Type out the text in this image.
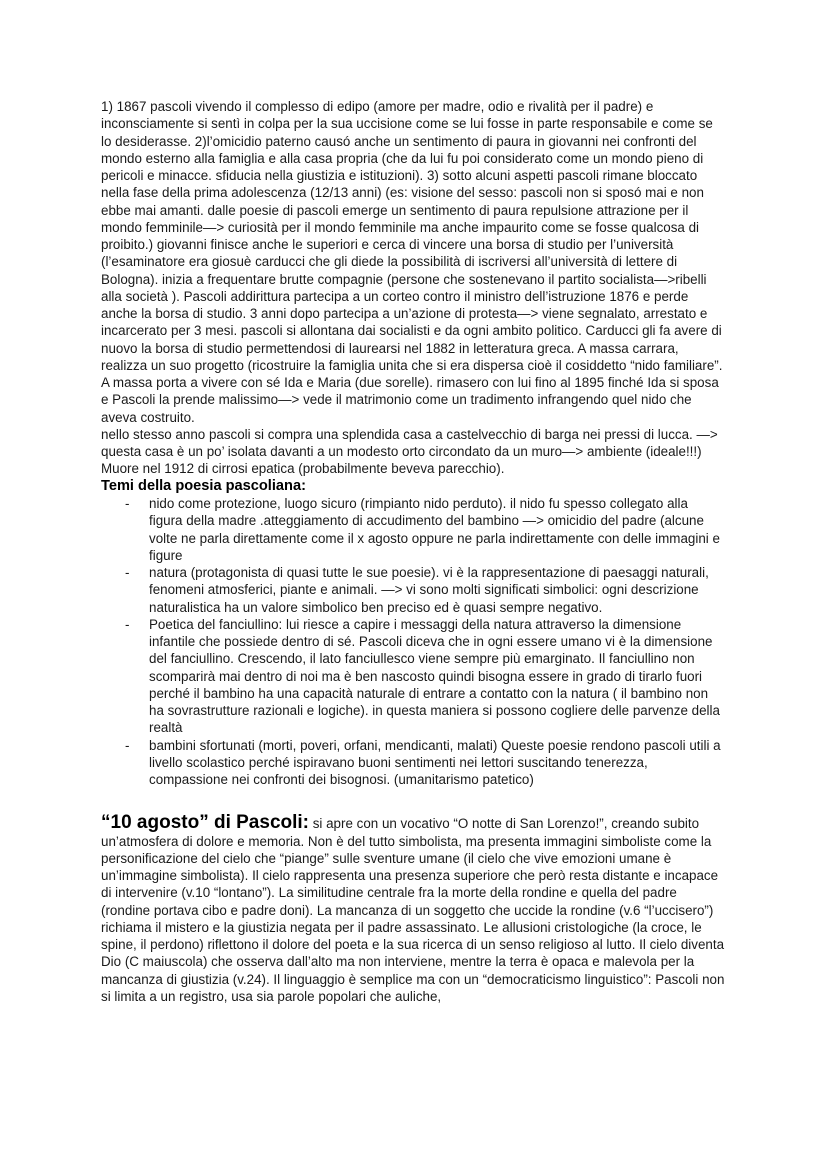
1) 1867 pascoli vivendo il complesso di edipo (amore per madre, odio e rivalità per il padre) e inconsciamente si sentì in colpa per la sua uccisione come se lui fosse in parte responsabile e come se lo desiderasse. 2)l’omicidio paterno causó anche un sentimento di paura in giovanni nei confronti del mondo esterno alla famiglia e alla casa propria (che da lui fu poi considerato come un mondo pieno di pericoli e minacce. sfiducia nella giustizia e istituzioni). 3) sotto alcuni aspetti pascoli rimane bloccato nella fase della prima adolescenza (12/13 anni) (es: visione del sesso: pascoli non si sposó mai e non ebbe mai amanti. dalle poesie di pascoli emerge un sentimento di paura repulsione attrazione per il mondo femminile—> curiosità per il mondo femminile ma anche impaurito come se fosse qualcosa di proibito.) giovanni finisce anche le superiori e cerca di vincere una borsa di studio per l’università (l’esaminatore era giosuè carducci che gli diede la possibilità di iscriversi all’università di lettere di Bologna). inizia a frequentare brutte compagnie (persone che sostenevano il partito socialista—>ribelli alla società ). Pascoli addirittura partecipa a un corteo contro il ministro dell’istruzione 1876 e perde anche la borsa di studio. 3 anni dopo partecipa a un’azione di protesta—> viene segnalato, arrestato e incarcerato per 3 mesi. pascoli si allontana dai socialisti e da ogni ambito politico. Carducci gli fa avere di nuovo la borsa di studio permettendosi di laurearsi nel 1882 in letteratura greca. A massa carrara, realizza un suo progetto (ricostruire la famiglia unita che si era dispersa cioè il cosiddetto “nido familiare”. A massa porta a vivere con sé Ida e Maria (due sorelle). rimasero con lui fino al 1895 finché Ida si sposa e Pascoli la prende malissimo—> vede il matrimonio come un tradimento infrangendo quel nido che aveva costruito.

nello stesso anno pascoli si compra una splendida casa a castelvecchio di barga nei pressi di lucca. —> questa casa è un po’ isolata davanti a un modesto orto circondato da un muro—> ambiente (ideale!!!) Muore nel 1912 di cirrosi epatica (probabilmente beveva parecchio).

Temi della poesia pascoliana:

- nido come protezione, luogo sicuro (rimpianto nido perduto). il nido fu spesso collegato alla figura della madre .atteggiamento di accudimento del bambino —> omicidio del padre (alcune volte ne parla direttamente come il x agosto oppure ne parla indirettamente con delle immagini e figure
- natura (protagonista di quasi tutte le sue poesie). vi è la rappresentazione di paesaggi naturali, fenomeni atmosferici, piante e animali. —> vi sono molti significati simbolici: ogni descrizione naturalistica ha un valore simbolico ben preciso ed è quasi sempre negativo.
- Poetica del fanciullino: lui riesce a capire i messaggi della natura attraverso la dimensione infantile che possiede dentro di sé. Pascoli diceva che in ogni essere umano vi è la dimensione del fanciullino. Crescendo, il lato fanciullesco viene sempre più emarginato. Il fanciullino non scomparirà mai dentro di noi ma è ben nascosto quindi bisogna essere in grado di tirarlo fuori perché il bambino ha una capacità naturale di entrare a contatto con la natura ( il bambino non ha sovrastrutture razionali e logiche). in questa maniera si possono cogliere delle parvenze della realtà
- bambini sfortunati (morti, poveri, orfani, mendicanti, malati) Queste poesie rendono pascoli utili a livello scolastico perché ispiravano buoni sentimenti nei lettori suscitando tenerezza, compassione nei confronti dei bisognosi. (umanitarismo patetico)

“10 agosto” di Pascoli: si apre con un vocativo “O notte di San Lorenzo!”, creando subito un’atmosfera di dolore e memoria. Non è del tutto simbolista, ma presenta immagini simboliste come la personificazione del cielo che “piange” sulle sventure umane (il cielo che vive emozioni umane è un’immagine simbolista). Il cielo rappresenta una presenza superiore che però resta distante e incapace di intervenire (v.10 “lontano”). La similitudine centrale fra la morte della rondine e quella del padre (rondine portava cibo e padre doni). La mancanza di un soggetto che uccide la rondine (v.6 “l’uccisero”) richiama il mistero e la giustizia negata per il padre assassinato. Le allusioni cristologiche (la croce, le spine, il perdono) riflettono il dolore del poeta e la sua ricerca di un senso religioso al lutto. Il cielo diventa Dio (C maiuscola) che osserva dall’alto ma non interviene, mentre la terra è opaca e malevola per la mancanza di giustizia (v.24). Il linguaggio è semplice ma con un “democraticismo linguistico”: Pascoli non si limita a un registro, usa sia parole popolari che auliche,
